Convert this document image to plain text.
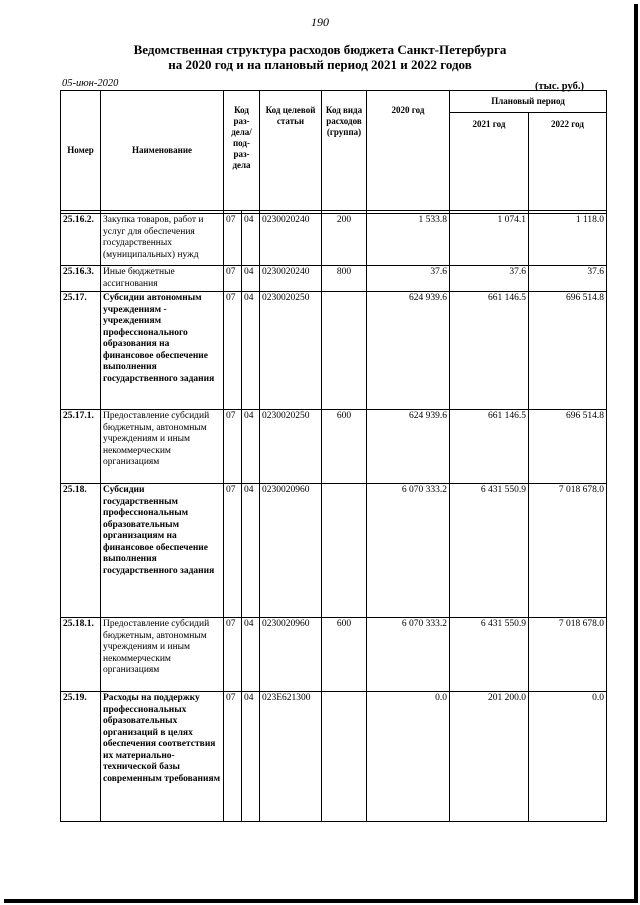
190
Ведомственная структура расходов бюджета Санкт-Петербурга
на 2020 год и на плановый период 2021 и 2022 годов
05-июн-2020	(тыс. руб.)
Номер	Наименование	Код раз-дела/ под-раз-дела		Код целевой статьи	Код вида расходов (группа)	2020 год	Плановый период	
							2021 год	2022 год

25.16.2.	Закупка товаров, работ и услуг для обеспечения государственных (муниципальных) нужд	07	04	0230020240	200	1 533.8	1 074.1	1 118.0
25.16.3.	Иные бюджетные ассигнования	07	04	0230020240	800	37.6	37.6	37.6
25.17.	Субсидии автономным учреждениям - учреждениям профессионального образования на финансовое обеспечение выполнения государственного задания	07	04	0230020250		624 939.6	661 146.5	696 514.8
25.17.1.	Предоставление субсидий бюджетным, автономным учреждениям и иным некоммерческим организациям	07	04	0230020250	600	624 939.6	661 146.5	696 514.8
25.18.	Субсидии государственным профессиональным образовательным организациям на финансовое обеспечение выполнения государственного задания	07	04	0230020960		6 070 333.2	6 431 550.9	7 018 678.0
25.18.1.	Предоставление субсидий бюджетным, автономным учреждениям и иным некоммерческим организациям	07	04	0230020960	600	6 070 333.2	6 431 550.9	7 018 678.0
25.19.	Расходы на поддержку профессиональных образовательных организаций в целях обеспечения соответствия их материально-технической базы современным требованиям	07	04	023E621300		0.0	201 200.0	0.0
